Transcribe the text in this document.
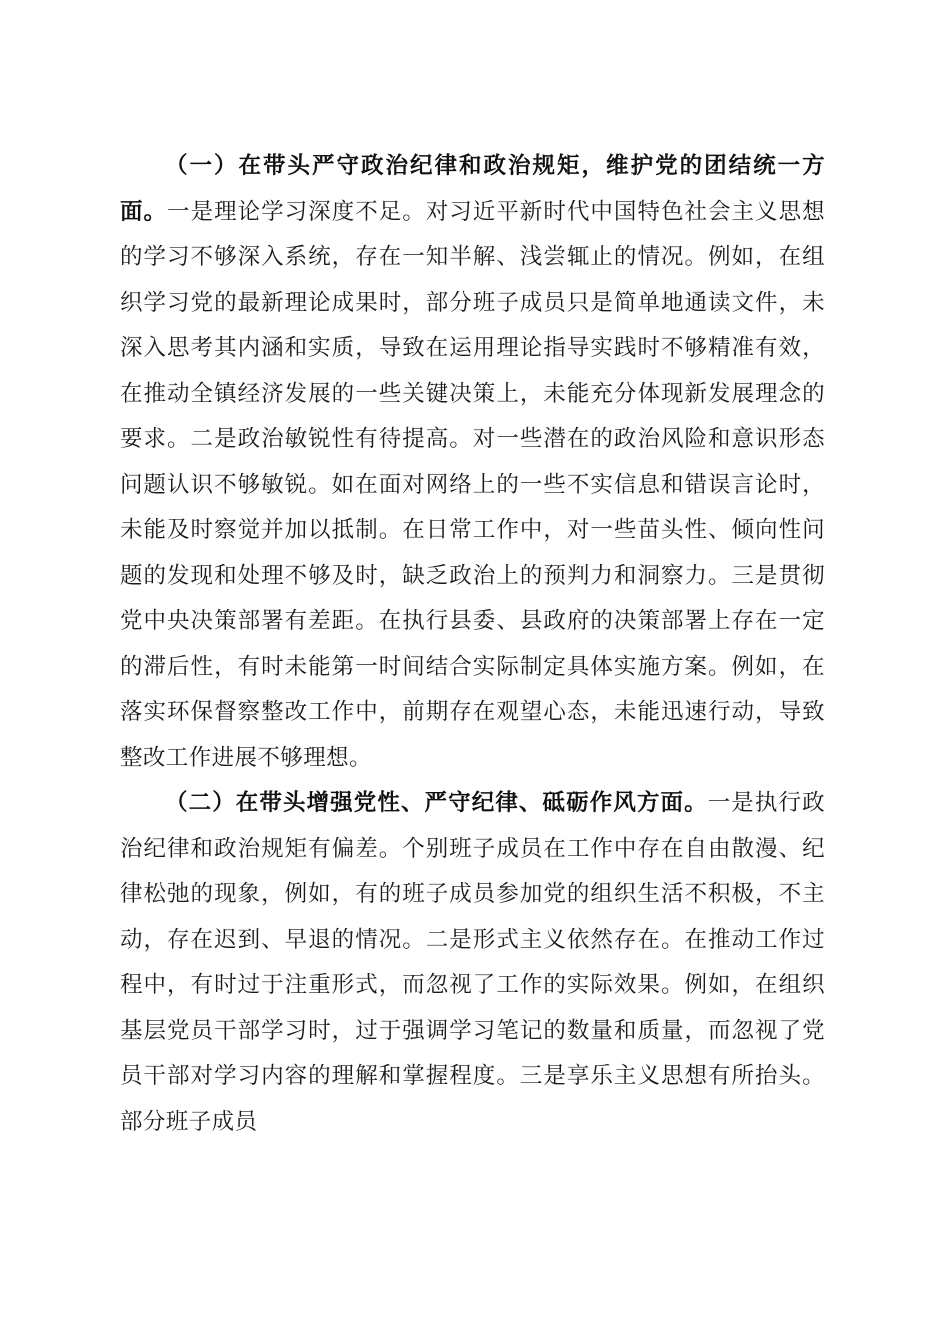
（一）在带头严守政治纪律和政治规矩，维护党的团结统一方面。一是理论学习深度不足。对习近平新时代中国特色社会主义思想的学习不够深入系统，存在一知半解、浅尝辄止的情况。例如，在组织学习党的最新理论成果时，部分班子成员只是简单地通读文件，未深入思考其内涵和实质，导致在运用理论指导实践时不够精准有效，在推动全镇经济发展的一些关键决策上，未能充分体现新发展理念的要求。二是政治敏锐性有待提高。对一些潜在的政治风险和意识形态问题认识不够敏锐。如在面对网络上的一些不实信息和错误言论时，未能及时察觉并加以抵制。在日常工作中，对一些苗头性、倾向性问题的发现和处理不够及时，缺乏政治上的预判力和洞察力。三是贯彻党中央决策部署有差距。在执行县委、县政府的决策部署上存在一定的滞后性，有时未能第一时间结合实际制定具体实施方案。例如，在落实环保督察整改工作中，前期存在观望心态，未能迅速行动，导致整改工作进展不够理想。

（二）在带头增强党性、严守纪律、砥砺作风方面。一是执行政治纪律和政治规矩有偏差。个别班子成员在工作中存在自由散漫、纪律松弛的现象，例如，有的班子成员参加党的组织生活不积极，不主动，存在迟到、早退的情况。二是形式主义依然存在。在推动工作过程中，有时过于注重形式，而忽视了工作的实际效果。例如，在组织基层党员干部学习时，过于强调学习笔记的数量和质量，而忽视了党员干部对学习内容的理解和掌握程度。三是享乐主义思想有所抬头。部分班子成员
